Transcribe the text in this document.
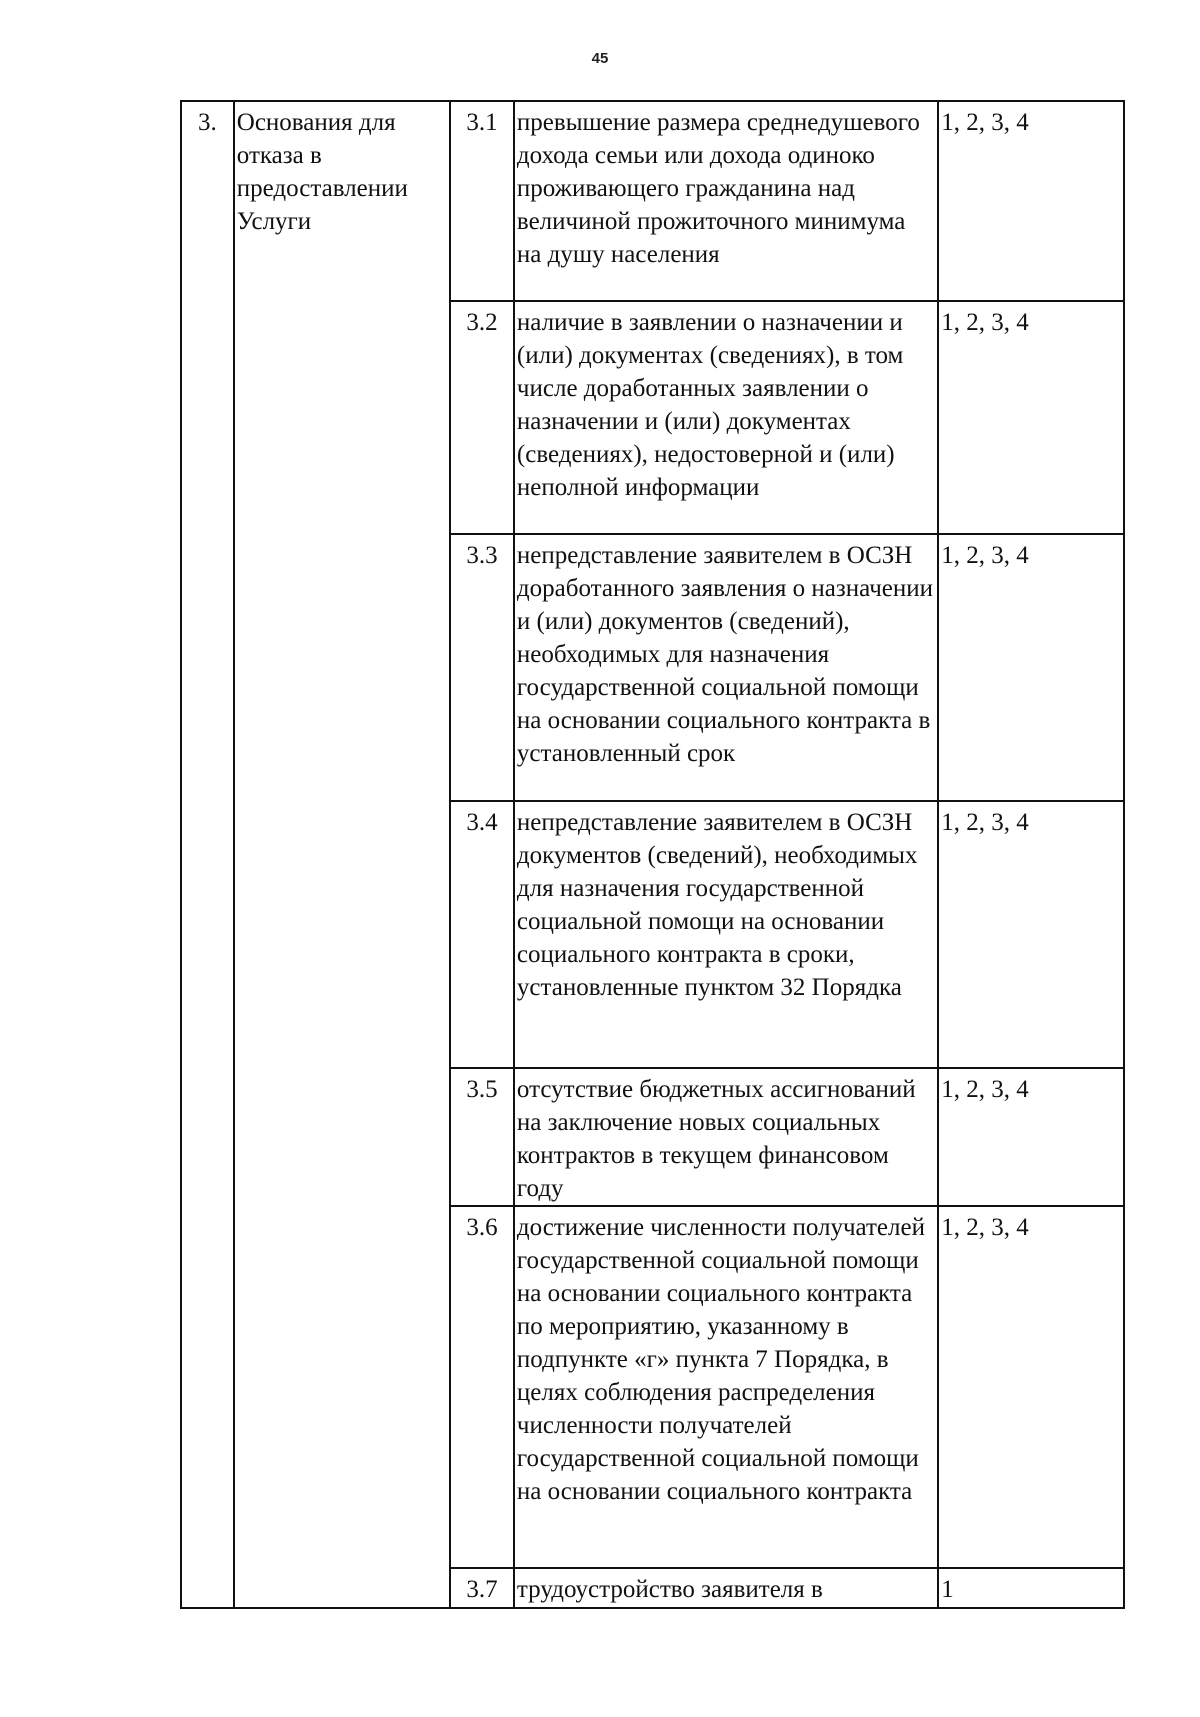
45
3.	Основания для отказа в предоставлении Услуги	3.1	превышение размера среднедушевого дохода семьи или дохода одиноко проживающего гражданина над величиной прожиточного минимума на душу населения	1, 2, 3, 4

		3.2	наличие в заявлении о назначении и (или) документах (сведениях), в том числе доработанных заявлении о назначении и (или) документах (сведениях), недостоверной и (или) неполной информации	1, 2, 3, 4

		3.3	непредставление заявителем в ОСЗН доработанного заявления о назначении и (или) документов (сведений), необходимых для назначения государственной социальной помощи на основании социального контракта в установленный срок	1, 2, 3, 4

		3.4	непредставление заявителем в ОСЗН документов (сведений), необходимых для назначения государственной социальной помощи на основании социального контракта в сроки, установленные пунктом 32 Порядка	1, 2, 3, 4

		3.5	отсутствие бюджетных ассигнований на заключение новых социальных контрактов в текущем финансовом году	1, 2, 3, 4

		3.6	достижение численности получателей государственной социальной помощи на основании социального контракта по мероприятию, указанному в подпункте «г» пункта 7 Порядка, в целях соблюдения распределения численности получателей государственной социальной помощи на основании социального контракта	1, 2, 3, 4

		3.7	трудоустройство заявителя в	1
